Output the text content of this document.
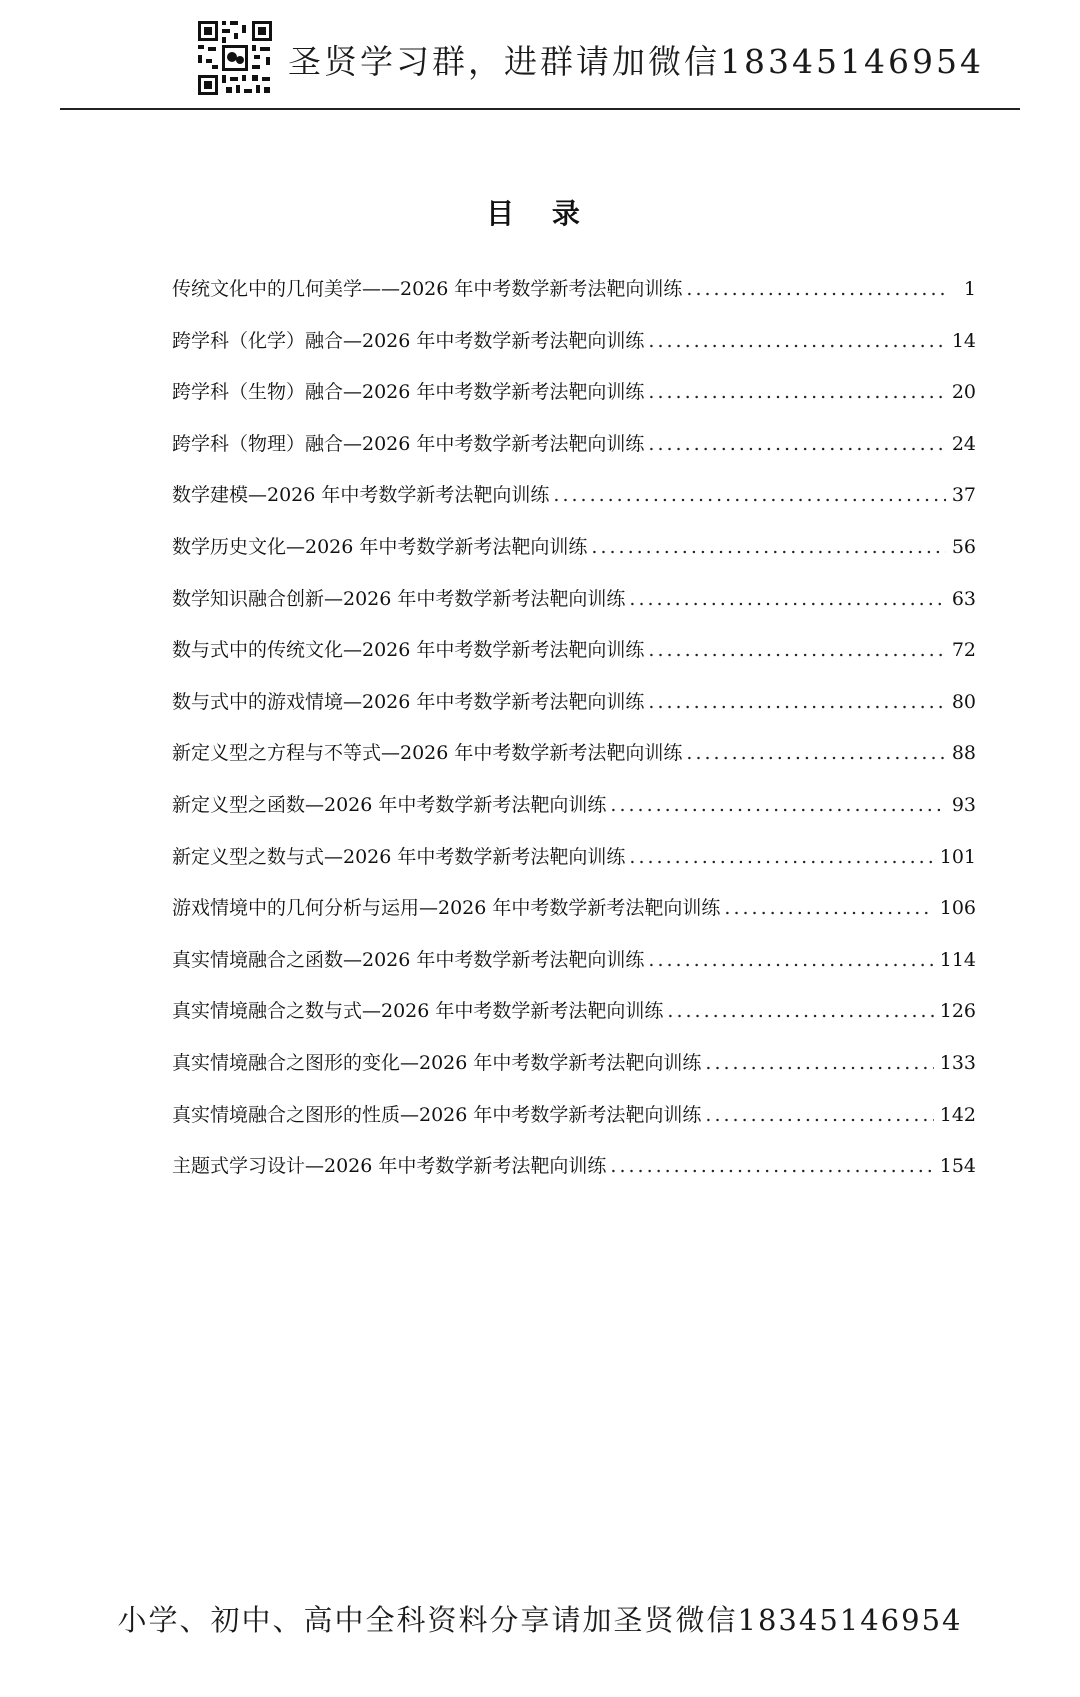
圣贤学习群，进群请加微信18345146954
目 录
传统文化中的几何美学——2026 年中考数学新考法靶向训练 .....	1
跨学科（化学）融合—2026 年中考数学新考法靶向训练 .....	14
跨学科（生物）融合—2026 年中考数学新考法靶向训练 .....	20
跨学科（物理）融合—2026 年中考数学新考法靶向训练 .....	24
数学建模—2026 年中考数学新考法靶向训练 .....	37
数学历史文化—2026 年中考数学新考法靶向训练 .....	56
数学知识融合创新—2026 年中考数学新考法靶向训练 .....	63
数与式中的传统文化—2026 年中考数学新考法靶向训练 .....	72
数与式中的游戏情境—2026 年中考数学新考法靶向训练 .....	80
新定义型之方程与不等式—2026 年中考数学新考法靶向训练 .....	88
新定义型之函数—2026 年中考数学新考法靶向训练 .....	93
新定义型之数与式—2026 年中考数学新考法靶向训练 .....	101
游戏情境中的几何分析与运用—2026 年中考数学新考法靶向训练 .....	106
真实情境融合之函数—2026 年中考数学新考法靶向训练 .....	114
真实情境融合之数与式—2026 年中考数学新考法靶向训练 .....	126
真实情境融合之图形的变化—2026 年中考数学新考法靶向训练 .....	133
真实情境融合之图形的性质—2026 年中考数学新考法靶向训练 .....	142
主题式学习设计—2026 年中考数学新考法靶向训练 .....	154
小学、初中、高中全科资料分享请加圣贤微信18345146954
